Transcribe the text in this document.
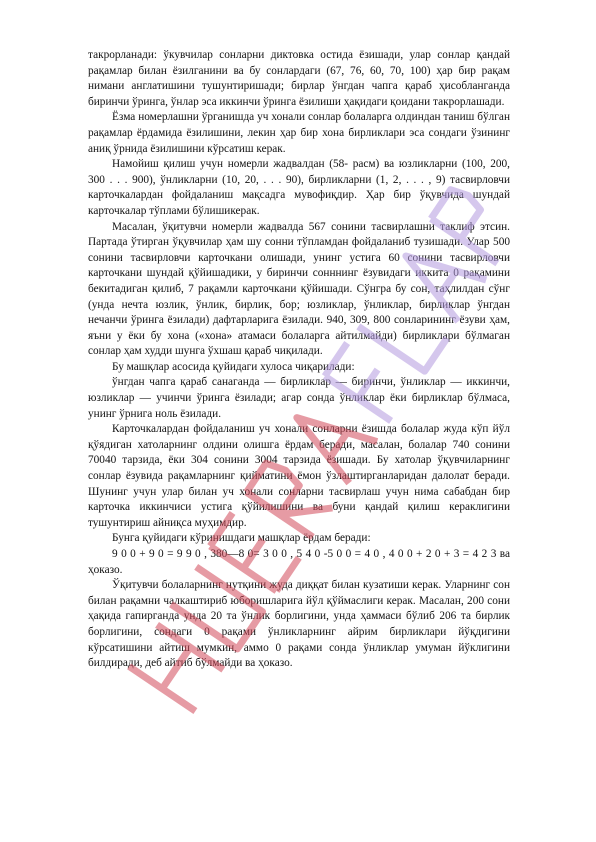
такрорланади: ўкувчилар сонларни диктовка остида ёзишади, улар сонлар қандай рақамлар билан ёзилганини ва бу сонлардаги (67, 76, 60, 70, 100) ҳар бир рақам нимани англатишини тушунтиришади; бирлар ўнгдан чапга қараб ҳисобланганда биринчи ўринга, ўнлар эса иккинчи ўринга ёзилиши ҳақидаги қоидани такрорлашади.

Ёзма номерлашни ўрганишда уч хонали сонлар болаларга олдиндан таниш бўлган рақамлар ёрдамида ёзилишини, лекин ҳар бир хона бирликлари эса сондаги ўзининг аниқ ўрнида ёзилишини кўрсатиш керак.

Намойиш қилиш учун номерли жадвалдан (58- расм) ва юзликларни (100, 200, 300 . . . 900), ўнликларни (10, 20, . . . 90), бирликларни (1, 2, . . . , 9) тасвирловчи карточкалардан фойдаланиш мақсадга мувофиқдир. Ҳар бир ўқувчида шундай карточкалар тўплами бўлишикерак.

Масалан, ўқитувчи номерли жадвалда 567 сонини тасвирлашни таклиф этсин. Партада ўтирган ўқувчилар ҳам шу сонни тўпламдан фойдаланиб тузишади. Улар 500 сонини тасвирловчи карточкани олишади, унинг устига 60 сонини тасвирловчи карточкани шундай қўйишадики, у биринчи сонннинг ёзувидаги иккита 0 рақамини бекитадиган қилиб, 7 рақамли карточкани қўйишади. Сўнгра бу сон, таҳлилдан сўнг (унда нечта юзлик, ўнлик, бирлик, бор; юзликлар, ўнликлар, бирликлар ўнгдан нечанчи ўринга ёзилади) дафтарларига ёзилади. 940, 309, 800 сонларининг ёзуви ҳам, яъни у ёки бу хона («хона» атамаси болаларга айтилмайди) бирликлари бўлмаган сонлар ҳам худди шунга ўхшаш қараб чиқилади.

Бу машқлар асосида қуйидаги хулоса чиқарилади:

ўнгдан чапга қараб санаганда — бирликлар — биринчи, ўнликлар — иккинчи, юзликлар — учинчи ўринга ёзилади; агар сонда ўнликлар ёки бирликлар бўлмаса, унинг ўрнига ноль ёзилади.

Карточкалардан фойдаланиш уч хонали сонларни ёзишда болалар жуда кўп йўл қўядиган хатоларнинг олдини олишга ёрдам беради, масалан, болалар 740 сонини 70040 тарзида, ёки 304 сонини 3004 тарзида ёзишади. Бу хатолар ўқувчиларнинг сонлар ёзувида рақамларнинг қийматини ёмон ўзлаштирганларидан далолат беради. Шунинг учун улар билан уч хонали сонларни тасвирлаш учун нима сабабдан бир карточка иккинчиси устига қўйилишини ва буни қандай қилиш кераклигини тушунтириш айниқса муҳимдир.

Бунга қуйидаги кўринишдаги машқлар ёрдам беради:

9 0 0 + 9 0 = 9 9 0 , 380—8 0= 3 0 0 , 5 4 0 -5 0 0 = 4 0 , 4 0 0 + 2 0 + 3 = 4 2 3 ва ҳоказо.

Ўқитувчи болаларнинг нутқини жуда диққат билан кузатиши керак. Уларнинг сон билан рақамни чалкаштириб юборишларига йўл қўймаслиги керак. Масалан, 200 сони ҳақида гапирганда унда 20 та ўнлик борлигини, унда ҳаммаси бўлиб 206 та бирлик борлигини, сондаги 0 рақами ўнликларнинг айрим бирликлари йўқдигини кўрсатишини айтиш мумкин, аммо 0 рақами сонда ўнликлар умуман йўклигини билдиради, деб айтиб бўлмайди ва ҳоказо.
